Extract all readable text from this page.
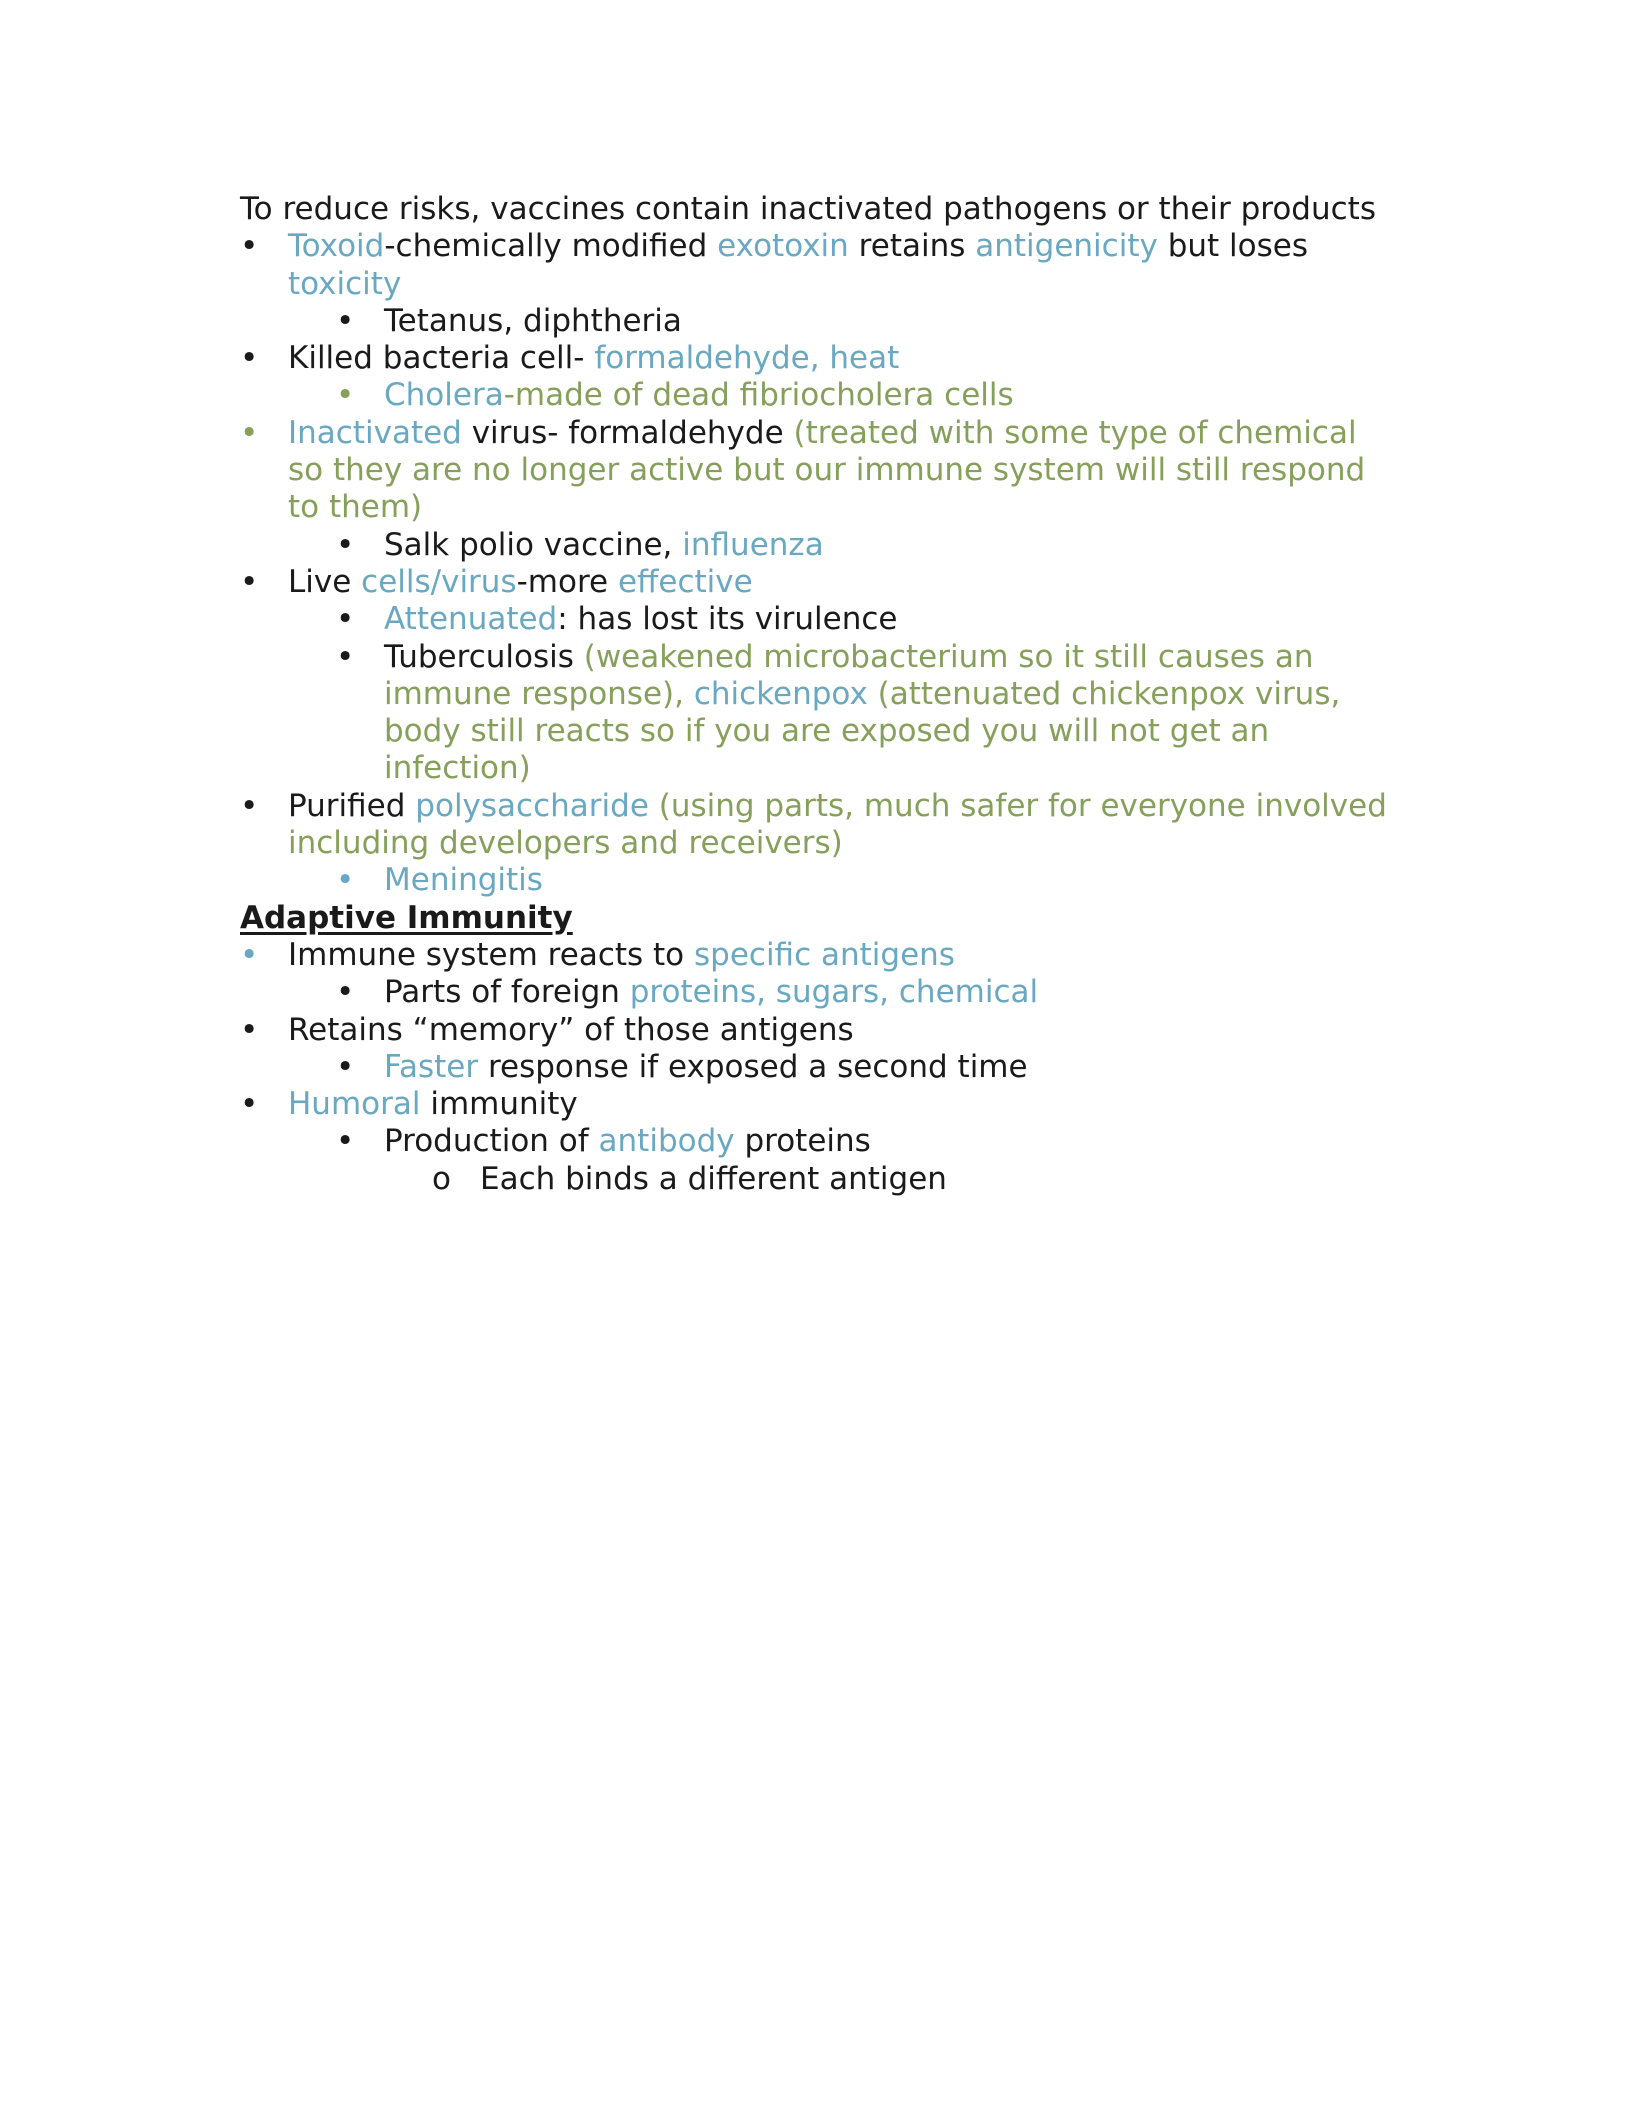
To reduce risks, vaccines contain inactivated pathogens or their products

• Toxoid-chemically modified exotoxin retains antigenicity but loses toxicity
• Tetanus, diphtheria
• Killed bacteria cell- formaldehyde, heat
• Cholera-made of dead fibriocholera cells
• Inactivated virus- formaldehyde (treated with some type of chemical so they are no longer active but our immune system will still respond to them)
• Salk polio vaccine, influenza
• Live cells/virus-more effective
• Attenuated: has lost its virulence
• Tuberculosis (weakened microbacterium so it still causes an immune response), chickenpox (attenuated chickenpox virus, body still reacts so if you are exposed you will not get an infection)
• Purified polysaccharide (using parts, much safer for everyone involved including developers and receivers)
• Meningitis

Adaptive Immunity

• Immune system reacts to specific antigens
• Parts of foreign proteins, sugars, chemical
• Retains “memory” of those antigens
• Faster response if exposed a second time
• Humoral immunity
• Production of antibody proteins
o Each binds a different antigen
